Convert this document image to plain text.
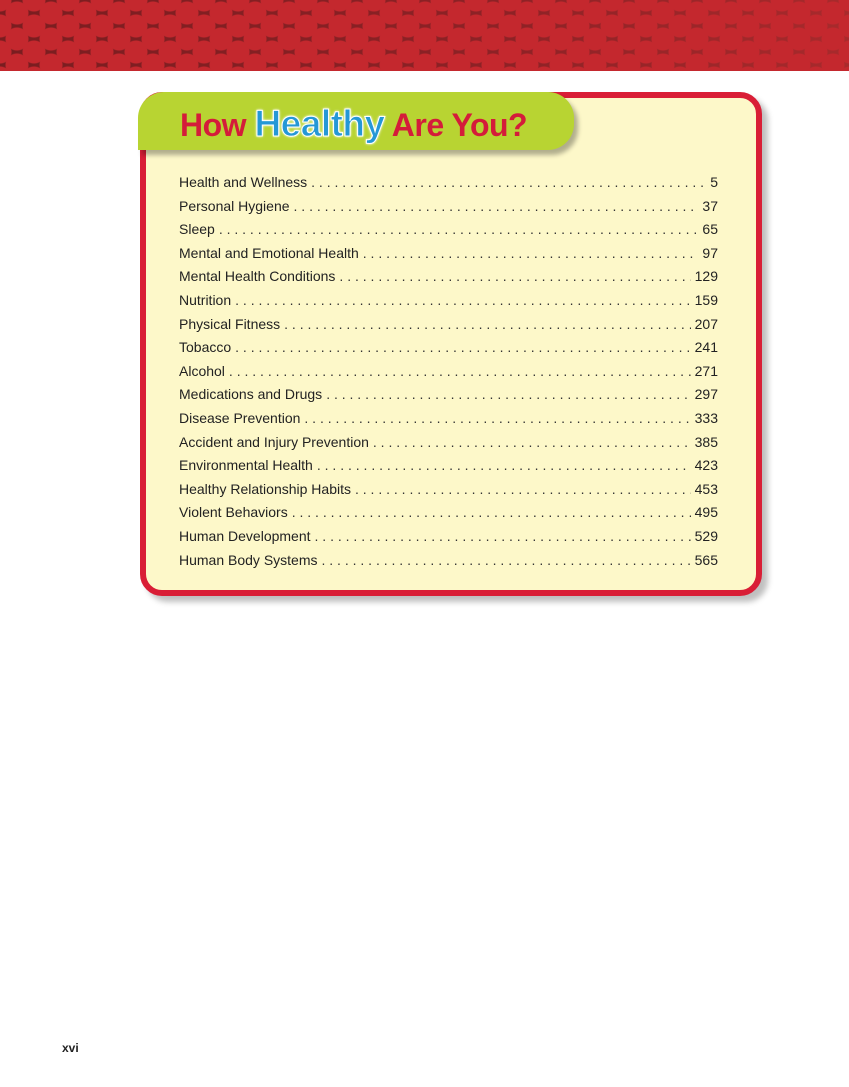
How Healthy Are You?
Health and Wellness . . .	5
Personal Hygiene . . .	37
Sleep . . .	65
Mental and Emotional Health . . .	97
Mental Health Conditions . . .	129
Nutrition . . .	159
Physical Fitness . . .	207
Tobacco . . .	241
Alcohol . . .	271
Medications and Drugs . . .	297
Disease Prevention . . .	333
Accident and Injury Prevention . . .	385
Environmental Health . . .	423
Healthy Relationship Habits . . .	453
Violent Behaviors . . .	495
Human Development . . .	529
Human Body Systems . . .	565
xvi
